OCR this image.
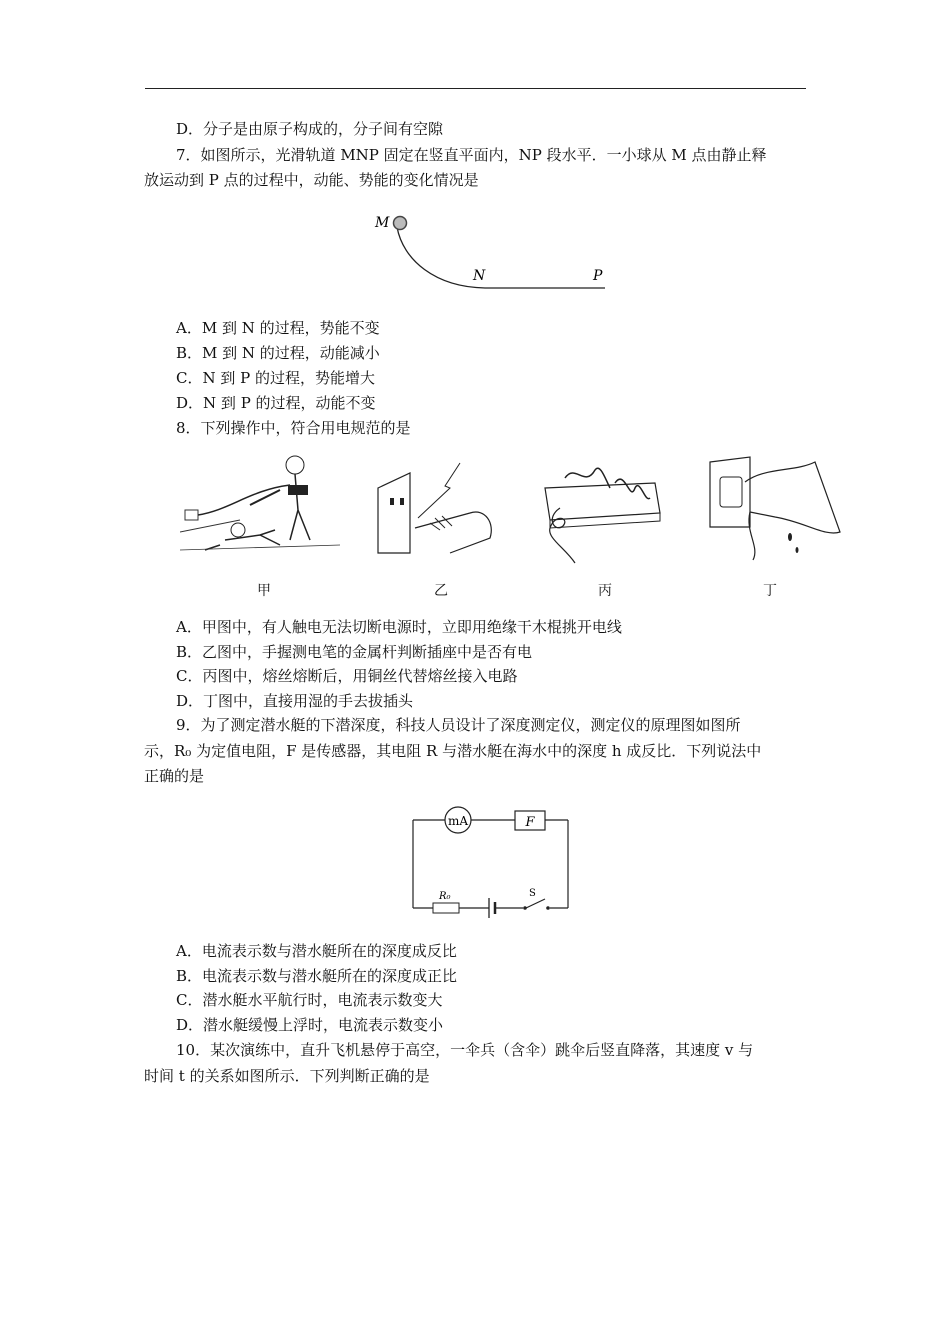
D．分子是由原子构成的，分子间有空隙
7．如图所示，光滑轨道 MNP 固定在竖直平面内，NP 段水平．一小球从 M 点由静止释
放运动到 P 点的过程中，动能、势能的变化情况是
M
N	P
A．M 到 N 的过程，势能不变
B．M 到 N 的过程，动能减小
C．N 到 P 的过程，势能增大
D．N 到 P 的过程，动能不变
8．下列操作中，符合用电规范的是
甲	乙	丙	丁
A．甲图中，有人触电无法切断电源时，立即用绝缘干木棍挑开电线
B．乙图中，手握测电笔的金属杆判断插座中是否有电
C．丙图中，熔丝熔断后，用铜丝代替熔丝接入电路
D．丁图中，直接用湿的手去拔插头
9．为了测定潜水艇的下潜深度，科技人员设计了深度测定仪，测定仪的原理图如图所
示，R₀ 为定值电阻，F 是传感器，其电阻 R 与潜水艇在海水中的深度 h 成反比．下列说法中
正确的是
mA	F
R₀	S
A．电流表示数与潜水艇所在的深度成反比
B．电流表示数与潜水艇所在的深度成正比
C．潜水艇水平航行时，电流表示数变大
D．潜水艇缓慢上浮时，电流表示数变小
10．某次演练中，直升飞机悬停于高空，一伞兵（含伞）跳伞后竖直降落，其速度 v 与
时间 t 的关系如图所示．下列判断正确的是
